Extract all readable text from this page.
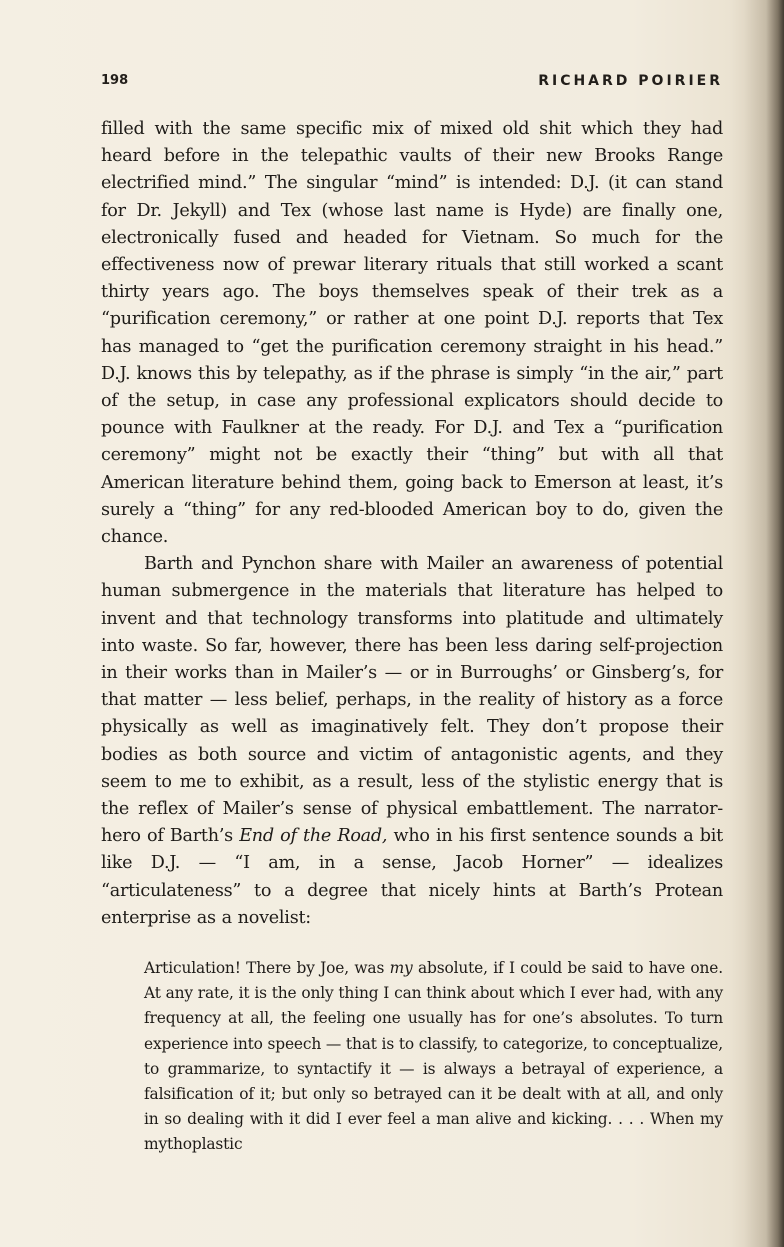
198	RICHARD POIRIER

filled with the same specific mix of mixed old shit which they had heard before in the telepathic vaults of their new Brooks Range electrified mind.” The singular “mind” is intended: D.J. (it can stand for Dr. Jekyll) and Tex (whose last name is Hyde) are finally one, electronically fused and headed for Vietnam. So much for the effectiveness now of prewar literary rituals that still worked a scant thirty years ago. The boys themselves speak of their trek as a “purification ceremony,” or rather at one point D.J. reports that Tex has managed to “get the purification ceremony straight in his head.” D.J. knows this by telepathy, as if the phrase is simply “in the air,” part of the setup, in case any professional explicators should decide to pounce with Faulkner at the ready. For D.J. and Tex a “purification ceremony” might not be exactly their “thing” but with all that American literature behind them, going back to Emerson at least, it’s surely a “thing” for any red-blooded American boy to do, given the chance.

Barth and Pynchon share with Mailer an awareness of potential human submergence in the materials that literature has helped to invent and that technology transforms into platitude and ultimately into waste. So far, however, there has been less daring self-projection in their works than in Mailer’s — or in Burroughs’ or Ginsberg’s, for that matter — less belief, perhaps, in the reality of history as a force physically as well as imaginatively felt. They don’t propose their bodies as both source and victim of antagonistic agents, and they seem to me to exhibit, as a result, less of the stylistic energy that is the reflex of Mailer’s sense of physical embattlement. The narrator-hero of Barth’s End of the Road, who in his first sentence sounds a bit like D.J. — “I am, in a sense, Jacob Horner” — idealizes “articulateness” to a degree that nicely hints at Barth’s Protean enterprise as a novelist:

Articulation! There by Joe, was my absolute, if I could be said to have one. At any rate, it is the only thing I can think about which I ever had, with any frequency at all, the feeling one usually has for one’s absolutes. To turn experience into speech — that is to classify, to categorize, to conceptualize, to grammarize, to syntactify it — is always a betrayal of experience, a falsification of it; but only so betrayed can it be dealt with at all, and only in so dealing with it did I ever feel a man alive and kicking. . . . When my mythoplastic
